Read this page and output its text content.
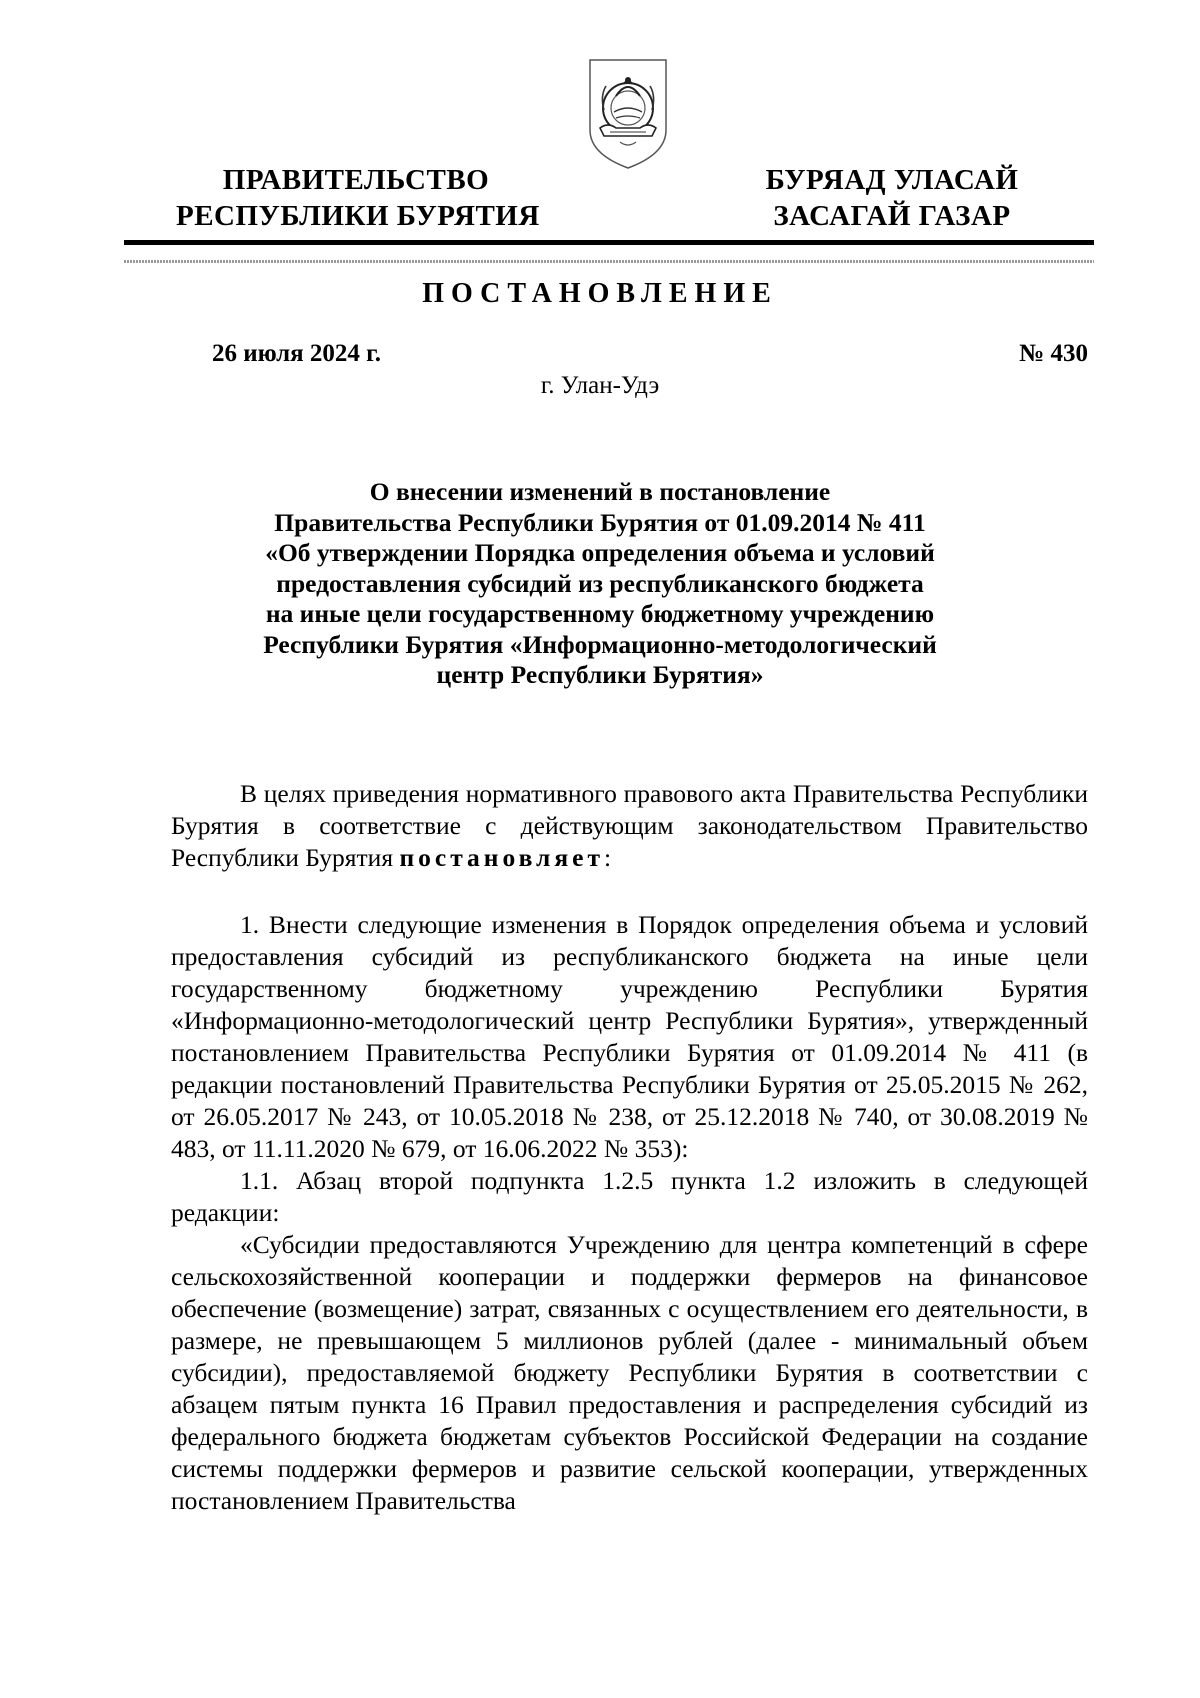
ПРАВИТЕЛЬСТВО
РЕСПУБЛИКИ БУРЯТИЯ
БУРЯАД УЛАСАЙ
ЗАСАГАЙ ГАЗАР
ПОСТАНОВЛЕНИЕ
26 июля 2024 г.	№ 430
г. Улан-Удэ
О внесении изменений в постановление
Правительства Республики Бурятия от 01.09.2014 № 411
«Об утверждении Порядка определения объема и условий
предоставления субсидий из республиканского бюджета
на иные цели государственному бюджетному учреждению
Республики Бурятия «Информационно-методологический
центр Республики Бурятия»

В целях приведения нормативного правового акта Правительства Республики Бурятия в соответствие с действующим законодательством Правительство Республики Бурятия постановляет:

1. Внести следующие изменения в Порядок определения объема и условий предоставления субсидий из республиканского бюджета на иные цели государственному бюджетному учреждению Республики Бурятия «Информационно-методологический центр Республики Бурятия», утвержденный постановлением Правительства Республики Бурятия от 01.09.2014 № 411 (в редакции постановлений Правительства Республики Бурятия от 25.05.2015 № 262, от 26.05.2017 № 243, от 10.05.2018 № 238, от 25.12.2018 № 740, от 30.08.2019 № 483, от 11.11.2020 № 679, от 16.06.2022 № 353):

1.1. Абзац второй подпункта 1.2.5 пункта 1.2 изложить в следующей редакции:

«Субсидии предоставляются Учреждению для центра компетенций в сфере сельскохозяйственной кооперации и поддержки фермеров на финансовое обеспечение (возмещение) затрат, связанных с осуществлением его деятельности, в размере, не превышающем 5 миллионов рублей (далее - минимальный объем субсидии), предоставляемой бюджету Республики Бурятия в соответствии с абзацем пятым пункта 16 Правил предоставления и распределения субсидий из федерального бюджета бюджетам субъектов Российской Федерации на создание системы поддержки фермеров и развитие сельской кооперации, утвержденных постановлением Правительства
